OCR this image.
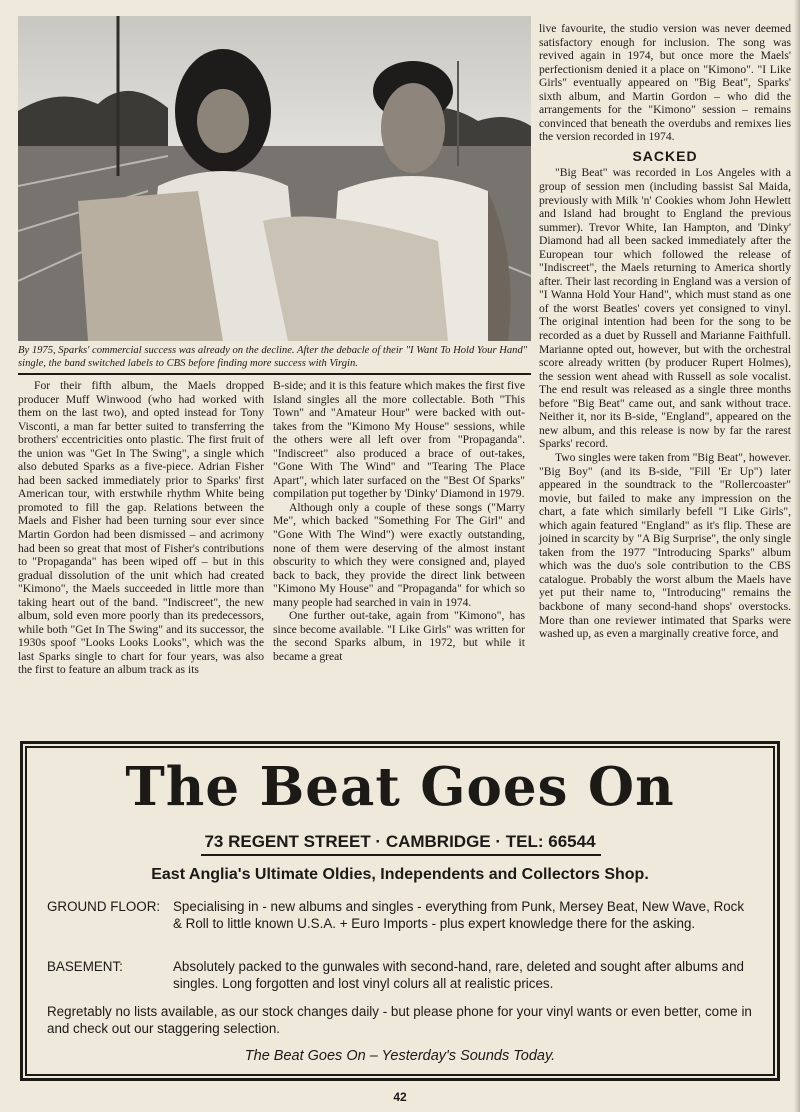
By 1975, Sparks' commercial success was already on the decline. After the debacle of their "I Want To Hold Your Hand" single, the band switched labels to CBS before finding more success with Virgin.

For their fifth album, the Maels dropped producer Muff Winwood (who had worked with them on the last two), and opted instead for Tony Visconti, a man far better suited to transferring the brothers' eccentricities onto plastic. The first fruit of the union was "Get In The Swing", a single which also debuted Sparks as a five-piece. Adrian Fisher had been sacked immediately prior to Sparks' first American tour, with erstwhile rhythm White being promoted to fill the gap. Relations between the Maels and Fisher had been turning sour ever since Martin Gordon had been dismissed – and acrimony had been so great that most of Fisher's contributions to "Propaganda" has been wiped off – but in this gradual dissolution of the unit which had created "Kimono", the Maels succeeded in little more than taking heart out of the band. "Indiscreet", the new album, sold even more poorly than its predecessors, while both "Get In The Swing" and its successor, the 1930s spoof "Looks Looks Looks", which was the last Sparks single to chart for four years, was also the first to feature an album track as its

B-side; and it is this feature which makes the first five Island singles all the more collectable. Both "This Town" and "Amateur Hour" were backed with out-takes from the "Kimono My House" sessions, while the others were all left over from "Propaganda". "Indiscreet" also produced a brace of out-takes, "Gone With The Wind" and "Tearing The Place Apart", which later surfaced on the "Best Of Sparks" compilation put together by 'Dinky' Diamond in 1979.

Although only a couple of these songs ("Marry Me", which backed "Something For The Girl" and "Gone With The Wind") were exactly outstanding, none of them were deserving of the almost instant obscurity to which they were consigned and, played back to back, they provide the direct link between "Kimono My House" and "Propaganda" for which so many people had searched in vain in 1974.

One further out-take, again from "Kimono", has since become available. "I Like Girls" was written for the second Sparks album, in 1972, but while it became a great

live favourite, the studio version was never deemed satisfactory enough for inclusion. The song was revived again in 1974, but once more the Maels' perfectionism denied it a place on "Kimono". "I Like Girls" eventually appeared on "Big Beat", Sparks' sixth album, and Martin Gordon – who did the arrangements for the "Kimono" session – remains convinced that beneath the overdubs and remixes lies the version recorded in 1974.

SACKED

"Big Beat" was recorded in Los Angeles with a group of session men (including bassist Sal Maida, previously with Milk 'n' Cookies whom John Hewlett and Island had brought to England the previous summer). Trevor White, Ian Hampton, and 'Dinky' Diamond had all been sacked immediately after the European tour which followed the release of "Indiscreet", the Maels returning to America shortly after. Their last recording in England was a version of "I Wanna Hold Your Hand", which must stand as one of the worst Beatles' covers yet consigned to vinyl. The original intention had been for the song to be recorded as a duet by Russell and Marianne Faithfull. Marianne opted out, however, but with the orchestral score already written (by producer Rupert Holmes), the session went ahead with Russell as sole vocalist. The end result was released as a single three months before "Big Beat" came out, and sank without trace. Neither it, nor its B-side, "England", appeared on the new album, and this release is now by far the rarest Sparks' record.

Two singles were taken from "Big Beat", however. "Big Boy" (and its B-side, "Fill 'Er Up") later appeared in the soundtrack to the "Rollercoaster" movie, but failed to make any impression on the chart, a fate which similarly befell "I Like Girls", which again featured "England" as it's flip. These are joined in scarcity by "A Big Surprise", the only single taken from the 1977 "Introducing Sparks" album which was the duo's sole contribution to the CBS catalogue. Probably the worst album the Maels have yet put their name to, "Introducing" remains the backbone of many second-hand shops' overstocks. More than one reviewer intimated that Sparks were washed up, as even a marginally creative force, and

The Beat Goes On
73 REGENT STREET · CAMBRIDGE · TEL: 66544
East Anglia's Ultimate Oldies, Independents and Collectors Shop.
GROUND FLOOR: Specialising in - new albums and singles - everything from Punk, Mersey Beat, New Wave, Rock & Roll to little known U.S.A. + Euro Imports - plus expert knowledge there for the asking.
BASEMENT:	Absolutely packed to the gunwales with second-hand, rare, deleted and sought after albums and singles. Long forgotten and lost vinyl colurs all at realistic prices.
Regretably no lists available, as our stock changes daily - but please phone for your vinyl wants or even better, come in and check out our staggering selection.
The Beat Goes On – Yesterday's Sounds Today.
42
